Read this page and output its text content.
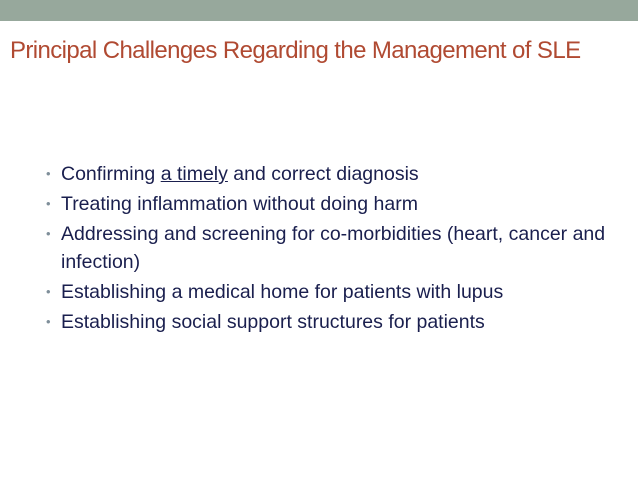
Principal Challenges Regarding the Management of SLE
• Confirming a timely and correct diagnosis
• Treating inflammation without doing harm
• Addressing and screening for co-morbidities (heart, cancer and infection)
• Establishing a medical home for patients with lupus
• Establishing social support structures for patients
